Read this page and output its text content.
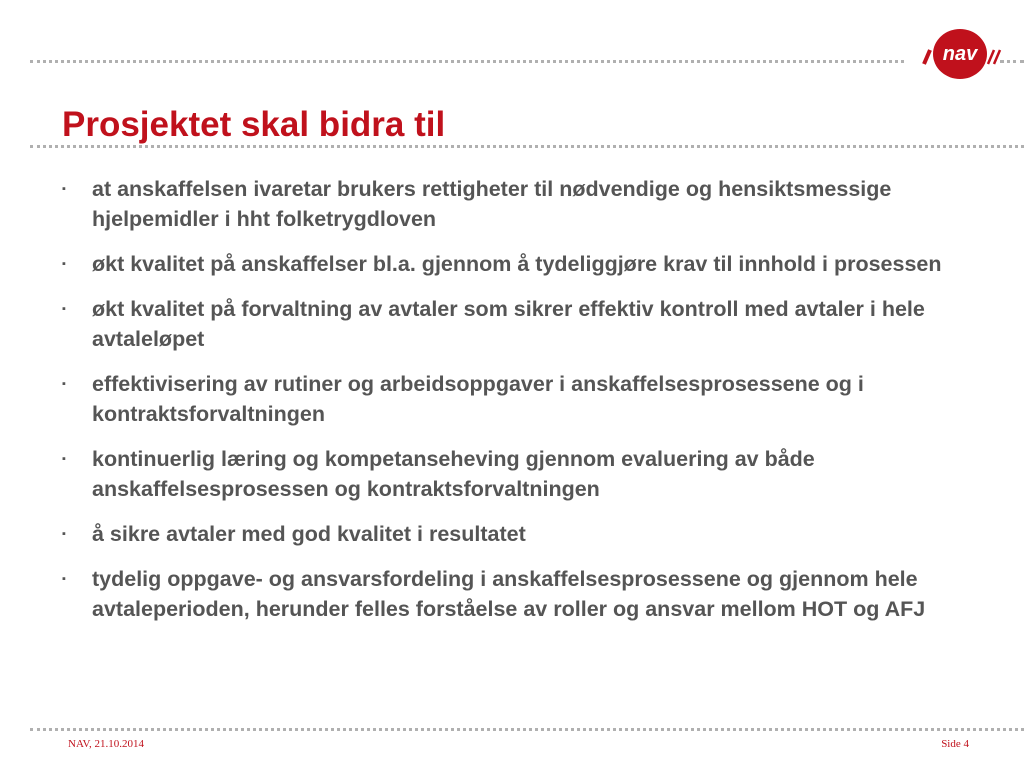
nav
Prosjektet skal bidra til
▪ at anskaffelsen ivaretar brukers rettigheter til nødvendige og hensiktsmessige hjelpemidler i hht folketrygdloven
▪ økt kvalitet på anskaffelser bl.a. gjennom å tydeliggjøre krav til innhold i prosessen
▪ økt kvalitet på forvaltning av avtaler som sikrer effektiv kontroll med avtaler i hele avtaleløpet
▪ effektivisering av rutiner og arbeidsoppgaver i anskaffelsesprosessene og i kontraktsforvaltningen
▪ kontinuerlig læring og kompetanseheving gjennom evaluering av både anskaffelsesprosessen og kontraktsforvaltningen
▪ å sikre avtaler med god kvalitet i resultatet
▪ tydelig oppgave- og ansvarsfordeling i anskaffelsesprosessene og gjennom hele avtaleperioden, herunder felles forståelse av roller og ansvar mellom HOT og AFJ
NAV, 21.10.2014	Side 4
